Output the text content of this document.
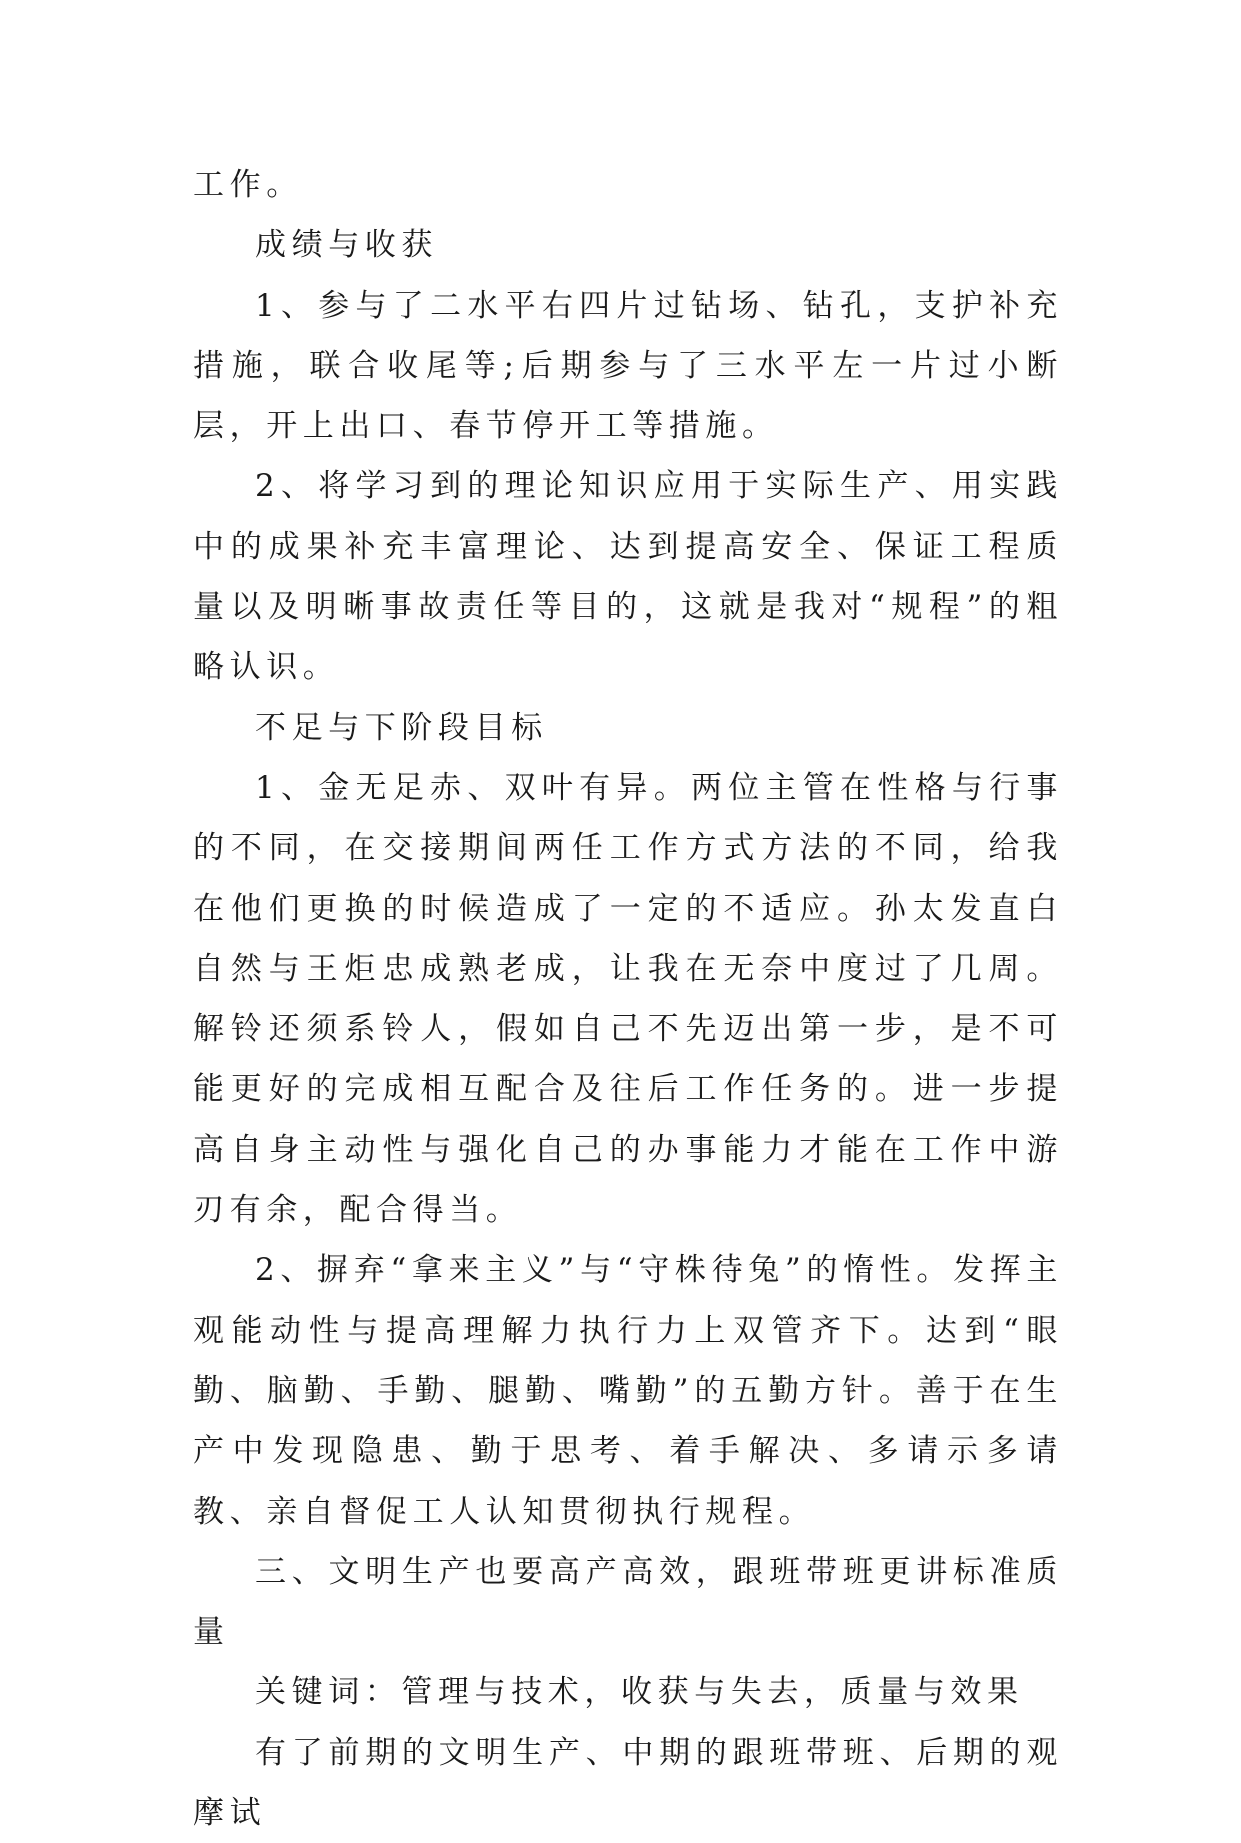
工作。

成绩与收获

1、参与了二水平右四片过钻场、钻孔，支护补充措施，联合收尾等;后期参与了三水平左一片过小断层，开上出口、春节停开工等措施。

2、将学习到的理论知识应用于实际生产、用实践中的成果补充丰富理论、达到提高安全、保证工程质量以及明晰事故责任等目的，这就是我对“规程”的粗略认识。

不足与下阶段目标

1、金无足赤、双叶有异。两位主管在性格与行事的不同，在交接期间两任工作方式方法的不同，给我在他们更换的时候造成了一定的不适应。孙太发直白自然与王炬忠成熟老成，让我在无奈中度过了几周。解铃还须系铃人，假如自己不先迈出第一步，是不可能更好的完成相互配合及往后工作任务的。进一步提高自身主动性与强化自己的办事能力才能在工作中游刃有余，配合得当。

2、摒弃“拿来主义”与“守株待兔”的惰性。发挥主观能动性与提高理解力执行力上双管齐下。达到“眼勤、脑勤、手勤、腿勤、嘴勤”的五勤方针。善于在生产中发现隐患、勤于思考、着手解决、多请示多请教、亲自督促工人认知贯彻执行规程。

三、文明生产也要高产高效，跟班带班更讲标准质量

关键词：管理与技术，收获与失去，质量与效果

有了前期的文明生产、中期的跟班带班、后期的观摩试
